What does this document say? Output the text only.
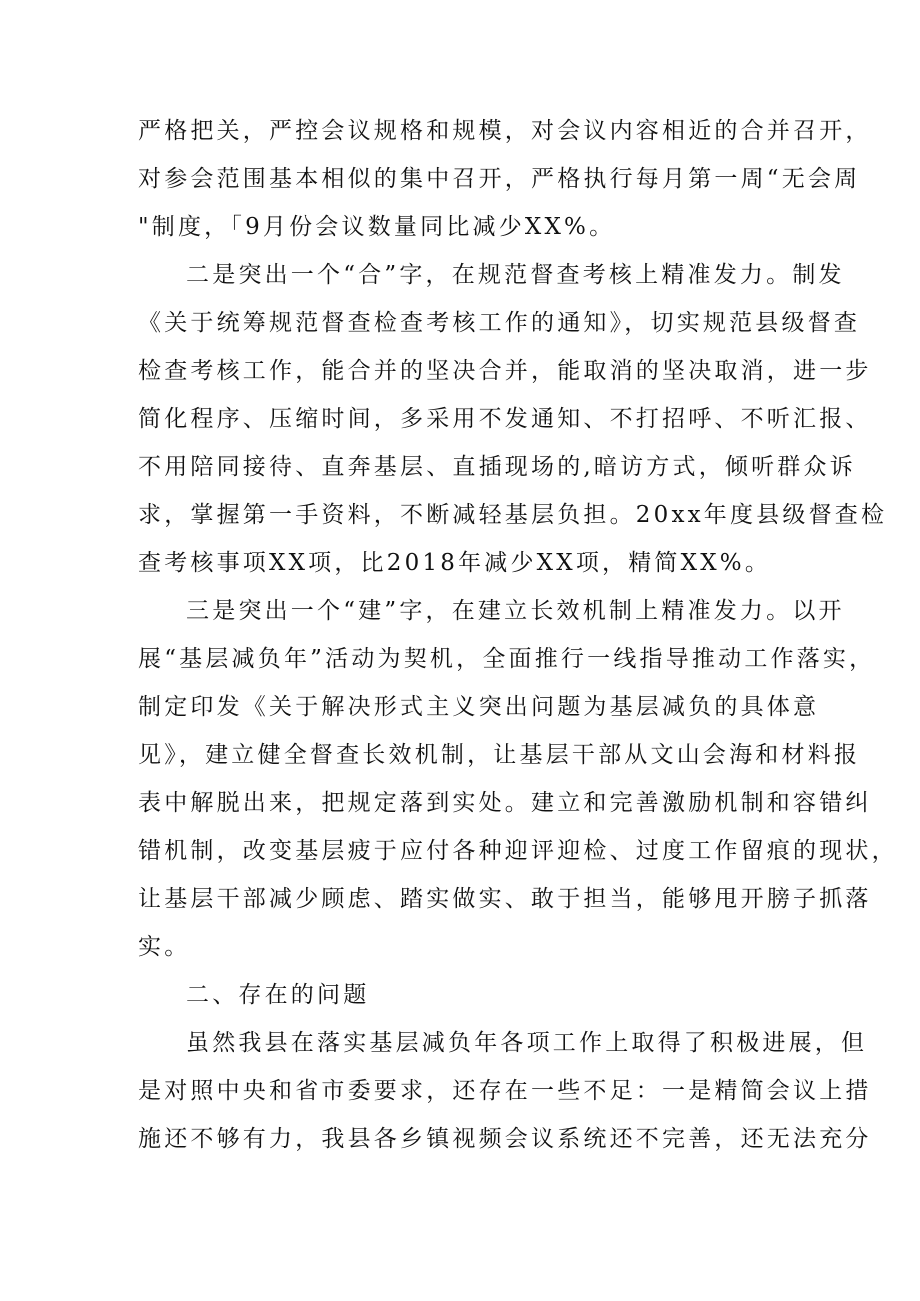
严格把关，严控会议规格和规模，对会议内容相近的合并召开，
对参会范围基本相似的集中召开，严格执行每月第一周“无会周
"制度，「9月份会议数量同比减少XX%。
二是突出一个“合”字，在规范督查考核上精准发力。制发
《关于统筹规范督查检查考核工作的通知》，切实规范县级督查
检查考核工作，能合并的坚决合并，能取消的坚决取消，进一步
简化程序、压缩时间，多采用不发通知、不打招呼、不听汇报、
不用陪同接待、直奔基层、直插现场的,暗访方式，倾听群众诉
求，掌握第一手资料，不断减轻基层负担。20xx年度县级督查检
查考核事项XX项，比2018年减少XX项，精简XX%。
三是突出一个“建”字，在建立长效机制上精准发力。以开
展“基层减负年”活动为契机，全面推行一线指导推动工作落实，
制定印发《关于解决形式主义突出问题为基层减负的具体意
见》，建立健全督查长效机制，让基层干部从文山会海和材料报
表中解脱出来，把规定落到实处。建立和完善激励机制和容错纠
错机制，改变基层疲于应付各种迎评迎检、过度工作留痕的现状，
让基层干部减少顾虑、踏实做实、敢于担当，能够甩开膀子抓落
实。
二、存在的问题
虽然我县在落实基层减负年各项工作上取得了积极进展，但
是对照中央和省市委要求，还存在一些不足：一是精简会议上措
施还不够有力，我县各乡镇视频会议系统还不完善，还无法充分
